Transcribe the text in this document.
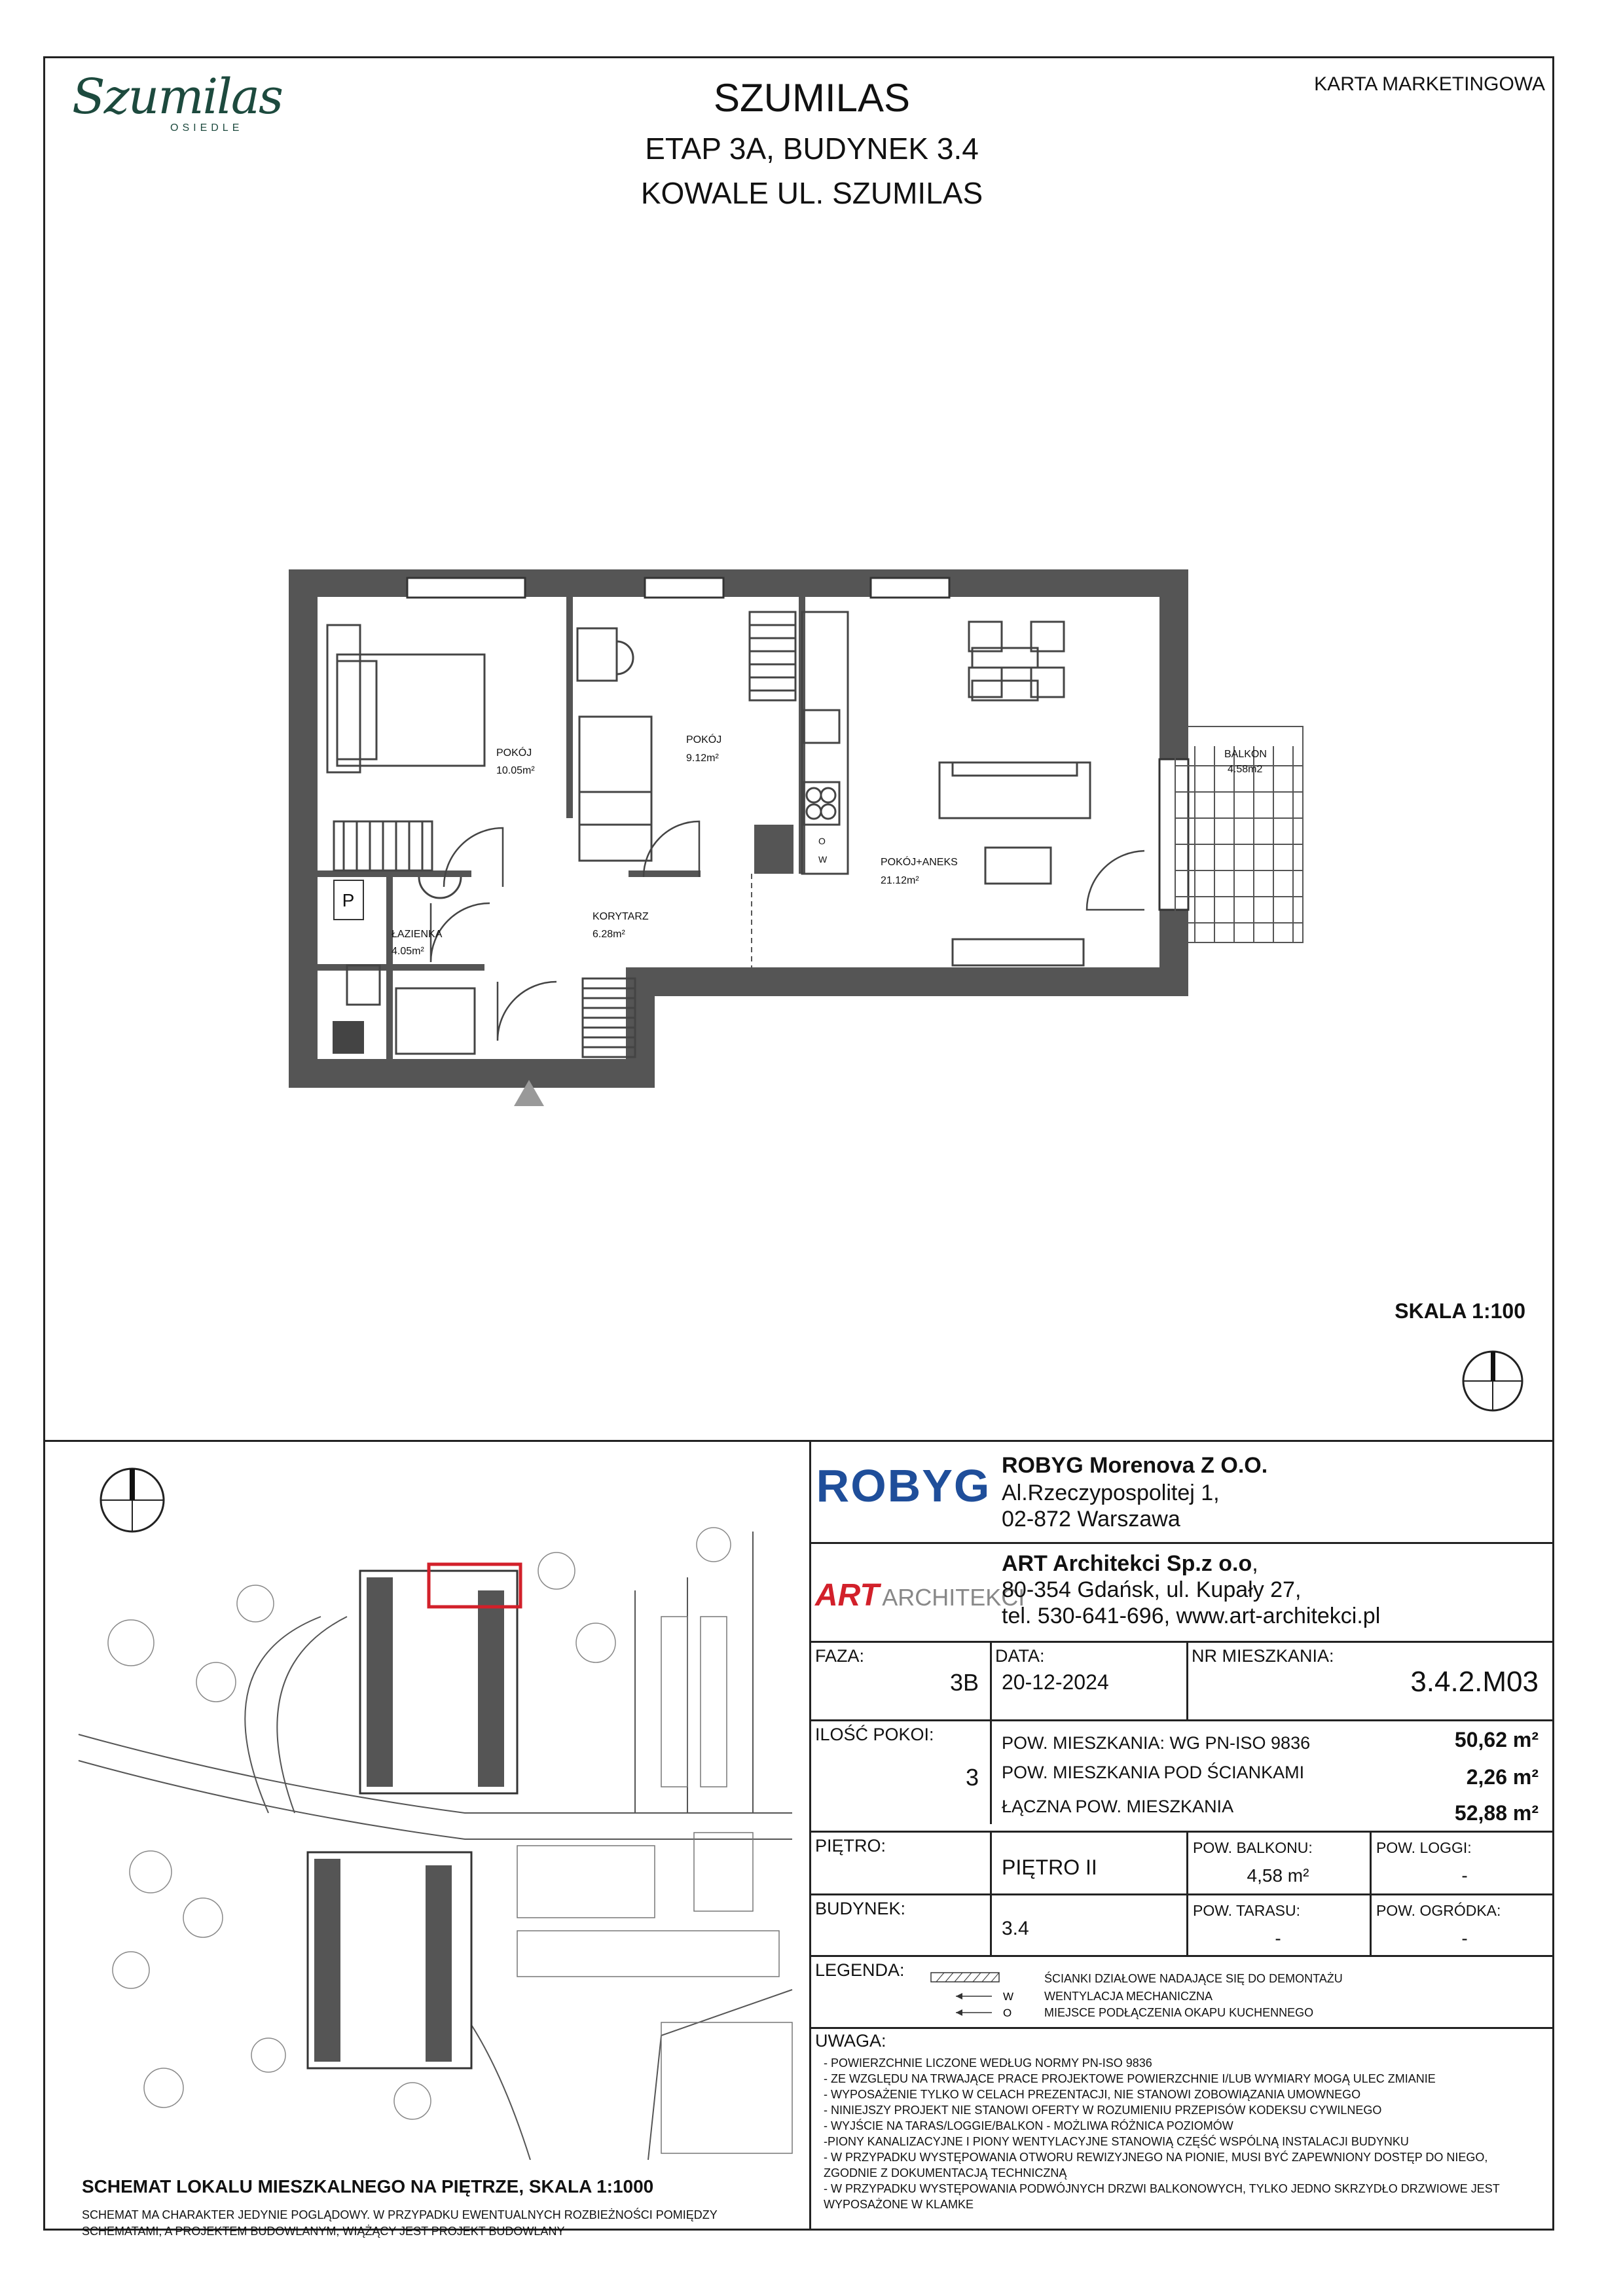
Szumilas
OSIEDLE
SZUMILAS
ETAP 3A, BUDYNEK 3.4
KOWALE UL. SZUMILAS
KARTA MARKETINGOWA
P
POKÓJ
10.05m²
POKÓJ
9.12m²
POKÓJ+ANEKS
21.12m²
BALKON
4.58m2
KORYTARZ
6.28m²
ŁAZIENKA
4.05m²
O
W
SKALA 1:100
SCHEMAT LOKALU MIESZKALNEGO NA PIĘTRZE, SKALA 1:1000
SCHEMAT MA CHARAKTER JEDYNIE POGLĄDOWY. W PRZYPADKU EWENTUALNYCH ROZBIEŻNOŚCI POMIĘDZY
SCHEMATAMI, A PROJEKTEM BUDOWLANYM, WIĄŻĄCY JEST PROJEKT BUDOWLANY
ROBYG ROBYG Morenova Z O.O.
Al.Rzeczypospolitej 1,
02-872 Warszawa
ART ARCHITEKCI
ART Architekci Sp.z o.o,
80-354 Gdańsk, ul. Kupały 27,
tel. 530-641-696, www.art-architekci.pl
FAZA:
3B
DATA:
20-12-2024
NR MIESZKANIA:
3.4.2.M03
ILOŚĆ POKOI:
3
POW. MIESZKANIA: WG PN-ISO 9836	50,62 m²
POW. MIESZKANIA POD ŚCIANKAMI	2,26 m²
ŁĄCZNA POW. MIESZKANIA	52,88 m²
PIĘTRO:
PIĘTRO II
POW. BALKONU:
4,58 m²
POW. LOGGI:
-
BUDYNEK:
3.4
POW. TARASU:
-
POW. OGRÓDKA:
-
LEGENDA:
W
O
ŚCIANKI DZIAŁOWE NADAJĄCE SIĘ DO DEMONTAŻU
WENTYLACJA MECHANICZNA
MIEJSCE PODŁĄCZENIA OKAPU KUCHENNEGO
UWAGA:
- POWIERZCHNIE LICZONE WEDŁUG NORMY PN-ISO 9836
- ZE WZGLĘDU NA TRWAJĄCE PRACE PROJEKTOWE POWIERZCHNIE I/LUB WYMIARY MOGĄ ULEC ZMIANIE
- WYPOSAŻENIE TYLKO W CELACH PREZENTACJI, NIE STANOWI ZOBOWIĄZANIA UMOWNEGO
- NINIEJSZY PROJEKT NIE STANOWI OFERTY W ROZUMIENIU PRZEPISÓW KODEKSU CYWILNEGO
- WYJŚCIE NA TARAS/LOGGIE/BALKON - MOŻLIWA RÓŻNICA POZIOMÓW
-PIONY KANALIZACYJNE I PIONY WENTYLACYJNE STANOWIĄ CZĘŚĆ WSPÓLNĄ INSTALACJI BUDYNKU
- W PRZYPADKU WYSTĘPOWANIA OTWORU REWIZYJNEGO NA PIONIE, MUSI BYĆ ZAPEWNIONY DOSTĘP DO NIEGO,
ZGODNIE Z DOKUMENTACJĄ TECHNICZNĄ
- W PRZYPADKU WYSTĘPOWANIA PODWÓJNYCH DRZWI BALKONOWYCH, TYLKO JEDNO SKRZYDŁO DRZWIOWE JEST
WYPOSAŻONE W KLAMKE
